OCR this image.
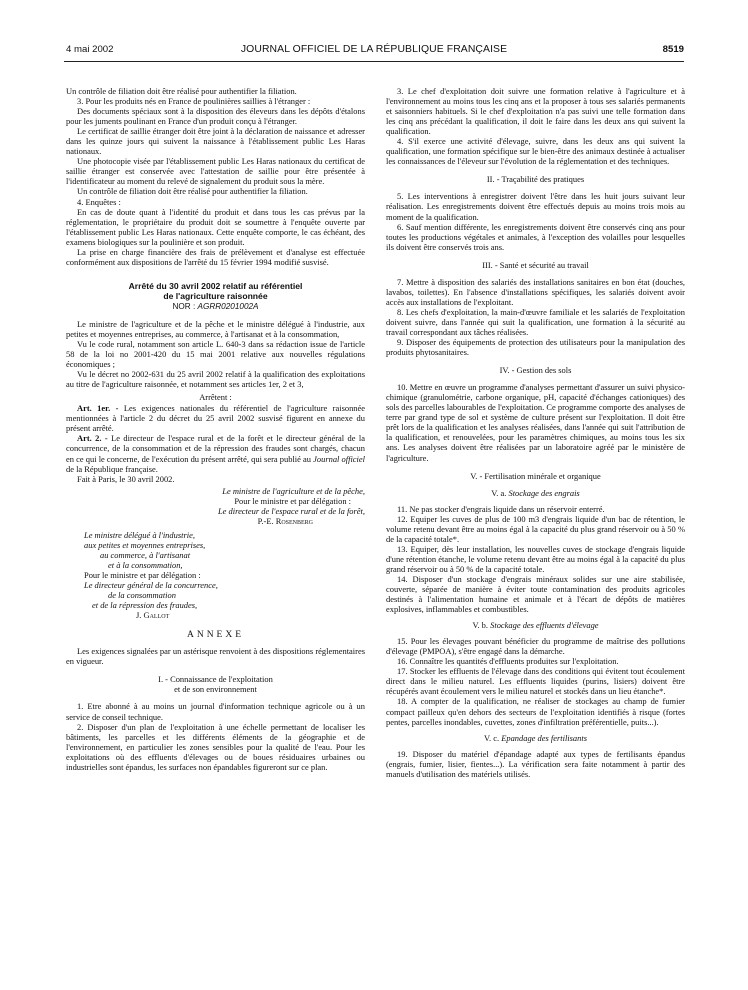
4 mai 2002	JOURNAL OFFICIEL DE LA RÉPUBLIQUE FRANÇAISE	8519

Un contrôle de filiation doit être réalisé pour authentifier la filiation.

3. Pour les produits nés en France de poulinières saillies à l'étranger :

Des documents spéciaux sont à la disposition des éleveurs dans les dépôts d'étalons pour les juments poulinant en France d'un produit conçu à l'étranger.

Le certificat de saillie étranger doit être joint à la déclaration de naissance et adresser dans les quinze jours qui suivent la naissance à l'établissement public Les Haras nationaux.

Une photocopie visée par l'établissement public Les Haras nationaux du certificat de saillie étranger est conservée avec l'attestation de saillie pour être présentée à l'identificateur au moment du relevé de signalement du produit sous la mère.

Un contrôle de filiation doit être réalisé pour authentifier la filiation.

4. Enquêtes :

En cas de doute quant à l'identité du produit et dans tous les cas prévus par la réglementation, le propriétaire du produit doit se soumettre à l'enquête ouverte par l'établissement public Les Haras nationaux. Cette enquête comporte, le cas échéant, des examens biologiques sur la poulinière et son produit.

La prise en charge financière des frais de prélèvement et d'analyse est effectuée conformément aux dispositions de l'arrêté du 15 février 1994 modifié susvisé.

Arrêté du 30 avril 2002 relatif au référentiel
de l'agriculture raisonnée
NOR : AGRR0201002A

Le ministre de l'agriculture et de la pêche et le ministre délégué à l'industrie, aux petites et moyennes entreprises, au commerce, à l'artisanat et à la consommation,

Vu le code rural, notamment son article L. 640-3 dans sa rédaction issue de l'article 58 de la loi no 2001-420 du 15 mai 2001 relative aux nouvelles régulations économiques ;

Vu le décret no 2002-631 du 25 avril 2002 relatif à la qualification des exploitations au titre de l'agriculture raisonnée, et notamment ses articles 1er, 2 et 3,

Arrêtent :

Art. 1er. - Les exigences nationales du référentiel de l'agriculture raisonnée mentionnées à l'article 2 du décret du 25 avril 2002 susvisé figurent en annexe du présent arrêté.

Art. 2. - Le directeur de l'espace rural et de la forêt et le directeur général de la concurrence, de la consommation et de la répression des fraudes sont chargés, chacun en ce qui le concerne, de l'exécution du présent arrêté, qui sera publié au Journal officiel de la République française.

Fait à Paris, le 30 avril 2002.

Le ministre de l'agriculture et de la pêche,
Pour le ministre et par délégation :
Le directeur de l'espace rural et de la forêt,
P.-E. Rosenberg
Le ministre délégué à l'industrie,
aux petites et moyennes entreprises,
au commerce, à l'artisanat
et à la consommation,
Pour le ministre et par délégation :
Le directeur général de la concurrence,
de la consommation
et de la répression des fraudes,
J. Gallot
ANNEXE

Les exigences signalées par un astérisque renvoient à des dispositions réglementaires en vigueur.

I. - Connaissance de l'exploitation
et de son environnement

1. Etre abonné à au moins un journal d'information technique agricole ou à un service de conseil technique.

2. Disposer d'un plan de l'exploitation à une échelle permettant de localiser les bâtiments, les parcelles et les différents éléments de la géographie et de l'environnement, en particulier les zones sensibles pour la qualité de l'eau. Pour les exploitations où des effluents d'élevages ou de boues résiduaires urbaines ou industrielles sont épandus, les surfaces non épandables figureront sur ce plan.

3. Le chef d'exploitation doit suivre une formation relative à l'agriculture et à l'environnement au moins tous les cinq ans et la proposer à tous ses salariés permanents et saisonniers habituels. Si le chef d'exploitation n'a pas suivi une telle formation dans les cinq ans précédant la qualification, il doit le faire dans les deux ans qui suivent la qualification.

4. S'il exerce une activité d'élevage, suivre, dans les deux ans qui suivent la qualification, une formation spécifique sur le bien-être des animaux destinée à actualiser les connaissances de l'éleveur sur l'évolution de la réglementation et des techniques.

II. - Traçabilité des pratiques

5. Les interventions à enregistrer doivent l'être dans les huit jours suivant leur réalisation. Les enregistrements doivent être effectués depuis au moins trois mois au moment de la qualification.

6. Sauf mention différente, les enregistrements doivent être conservés cinq ans pour toutes les productions végétales et animales, à l'exception des volailles pour lesquelles ils doivent être conservés trois ans.

III. - Santé et sécurité au travail

7. Mettre à disposition des salariés des installations sanitaires en bon état (douches, lavabos, toilettes). En l'absence d'installations spécifiques, les salariés doivent avoir accès aux installations de l'exploitant.

8. Les chefs d'exploitation, la main-d'œuvre familiale et les salariés de l'exploitation doivent suivre, dans l'année qui suit la qualification, une formation à la sécurité au travail correspondant aux tâches réalisées.

9. Disposer des équipements de protection des utilisateurs pour la manipulation des produits phytosanitaires.

IV. - Gestion des sols

10. Mettre en œuvre un programme d'analyses permettant d'assurer un suivi physico-chimique (granulométrie, carbone organique, pH, capacité d'échanges cationiques) des sols des parcelles labourables de l'exploitation. Ce programme comporte des analyses de terre par grand type de sol et système de culture présent sur l'exploitation. Il doit être prêt lors de la qualification et les analyses réalisées, dans l'année qui suit l'attribution de la qualification, et renouvelées, pour les paramètres chimiques, au moins tous les six ans. Les analyses doivent être réalisées par un laboratoire agréé par le ministère de l'agriculture.

V. - Fertilisation minérale et organique
V. a. Stockage des engrais

11. Ne pas stocker d'engrais liquide dans un réservoir enterré.

12. Equiper les cuves de plus de 100 m3 d'engrais liquide d'un bac de rétention, le volume retenu devant être au moins égal à la capacité du plus grand réservoir ou à 50 % de la capacité totale*.

13. Equiper, dès leur installation, les nouvelles cuves de stockage d'engrais liquide d'une rétention étanche, le volume retenu devant être au moins égal à la capacité du plus grand réservoir ou à 50 % de la capacité totale.

14. Disposer d'un stockage d'engrais minéraux solides sur une aire stabilisée, couverte, séparée de manière à éviter toute contamination des produits agricoles destinés à l'alimentation humaine et animale et à l'écart de dépôts de matières explosives, inflammables et combustibles.

V. b. Stockage des effluents d'élevage

15. Pour les élevages pouvant bénéficier du programme de maîtrise des pollutions d'élevage (PMPOA), s'être engagé dans la démarche.

16. Connaître les quantités d'effluents produites sur l'exploitation.

17. Stocker les effluents de l'élevage dans des conditions qui évitent tout écoulement direct dans le milieu naturel. Les effluents liquides (purins, lisiers) doivent être récupérés avant écoulement vers le milieu naturel et stockés dans un lieu étanche*.

18. A compter de la qualification, ne réaliser de stockages au champ de fumier compact pailleux qu'en dehors des secteurs de l'exploitation identifiés à risque (fortes pentes, parcelles inondables, cuvettes, zones d'infiltration préférentielle, puits...).

V. c. Epandage des fertilisants

19. Disposer du matériel d'épandage adapté aux types de fertilisants épandus (engrais, fumier, lisier, fientes...). La vérification sera faite notamment à partir des manuels d'utilisation des matériels utilisés.
